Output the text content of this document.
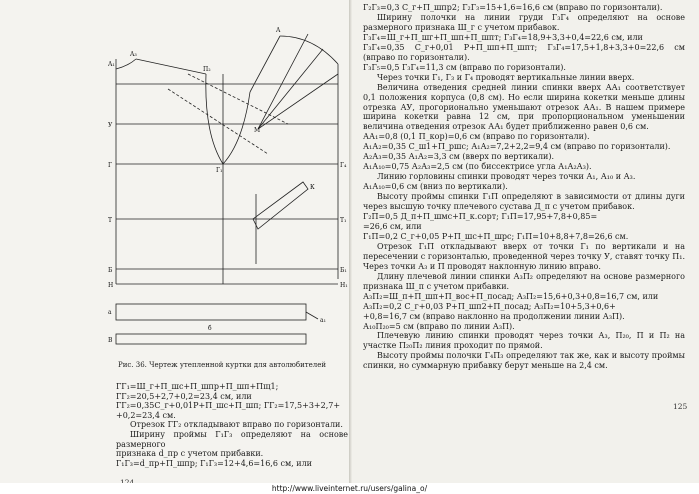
A₁
A₃
П₂
A
У
Г
Г₁
Г₄
Т	Т₁
Б	Б₁
Н	Н₁
М
К
а
б
а₁
В
Рис. 36. Чертеж утепленной куртки для автолюбителей

ГГ₁=Ш_г+П_шс+П_шпр+П_шп+Пщ1; ГГ₂=20,5+2,7+0,2=23,4 см, или

ГГ₂=0,35С_г+0,01Р+П_шс+П_шп; ГГ₂=17,5+3+2,7+

+0,2=23,4 см.

Отрезок ГГ₂ откладывают вправо по горизонтали.

Ширину проймы Г₁Г₃ определяют на основе размерного

признака d_пр с учетом прибавки.

Г₁Г₃=d_пр+П_шпр; Г₁Г₃=12+4,6=16,6 см, или

Г₂Г₃=0,3 С_г+П_шпр2; Г₂Г₃=15+1,6=16,6 см (вправо по горизонтали).

Ширину полочки на линии груди Г₃Г₄ определяют на основе размерного признака Ш_г с учетом прибавок.

Г₃Г₄=Ш_г+П_шг+П_шп+П_шпт; Г₃Г₄=18,9+3,3+0,4=22,6 см, или

Г₃Г₄=0,35 С_г+0,01 Р+П_шп+П_шпт; Г₃Г₄=17,5+1,8+3,3+0=22,6 см (вправо по горизонтали).

Г₃Г₅=0,5 Г₃Г₄=11,3 см (вправо по горизонтали).

Через точки Г₁, Г₃ и Г₄ проводят вертикальные линии вверх.

Величина отведения средней линии спинки вверх АА₁ соответствует 0,1 положения корпуса (0,8 см). Но если ширина кокетки меньше длины отрезка АУ, прогорионально уменьшают отрезок АА₁. В нашем примере ширина кокетки равна 12 см, при пропорциональном уменьшении величина отведения отрезок АА₁ будет приближенно равен 0,6 см.

АА₁=0,8 (0,1 П_кор)=0,6 см (вправо по горизонтали).

А₁А₂=0,35 С_ш1+П_ршс; А₁А₂=7,2+2,2=9,4 см (вправо по горизонтали).

А₂А₃=0,35 А₁А₂=3,3 см (вверх по вертикали).

А₁А₁₀=0,75 А₂А₃=2,5 см (по биссектрисе угла А₁А₂А₃).

Линию горловины спинки проводят через точки А₁, А₁₀ и А₃.

А₁А₁₀=0,6 см (вниз по вертикали).

Высоту проймы спинки Г₁П определяют в зависимости от длины дуги через высшую точку плечевого сустава Д_п с учетом прибавок.

Г₂П=0,5 Д_п+П_шмс+П_к.сорт; Г₁П=17,95+7,8+0,85=

=26,6 см, или

Г₁П=0,2 С_г+0,05 Р+П_шс+П_шрс; Г₁П=10+8,8+7,8=26,6 см.

Отрезок Г₁П откладывают вверх от точки Г₁ по вертикали и на пересечении с горизонталью, проведенной через точку У, ставят точку П₁. Через точки А₃ и П проводят наклонную линию вправо.

Длину плечевой линии спинки А₃П₂ определяют на основе размерного признака Ш_п с учетом прибавки.

А₃П₂=Ш_п+П_шп+П_вос+П_посад; А₃П₂=15,6+0,3+0,8=16,7 см, или

А₃П₂=0,2 С_г+0,03 Р+П_шп2+П_посад; А₃П₂=10+5,3+0,6+

+0,8=16,7 см (вправо наклонно на продолжении линии А₃П).

А₁₀П₂₀=5 см (вправо по линии А₃П).

Плечевую линию спинки проводят через точки А₃, П₂₀, П и П₂ на участке П₂₀П₂ линия проходит по прямой.

Высоту проймы полочки Г₄П₃ определяют так же, как и высоту проймы спинки, но суммарную прибавку берут меньше на 2,4 см.

125
http://www.liveinternet.ru/users/galina_o/
